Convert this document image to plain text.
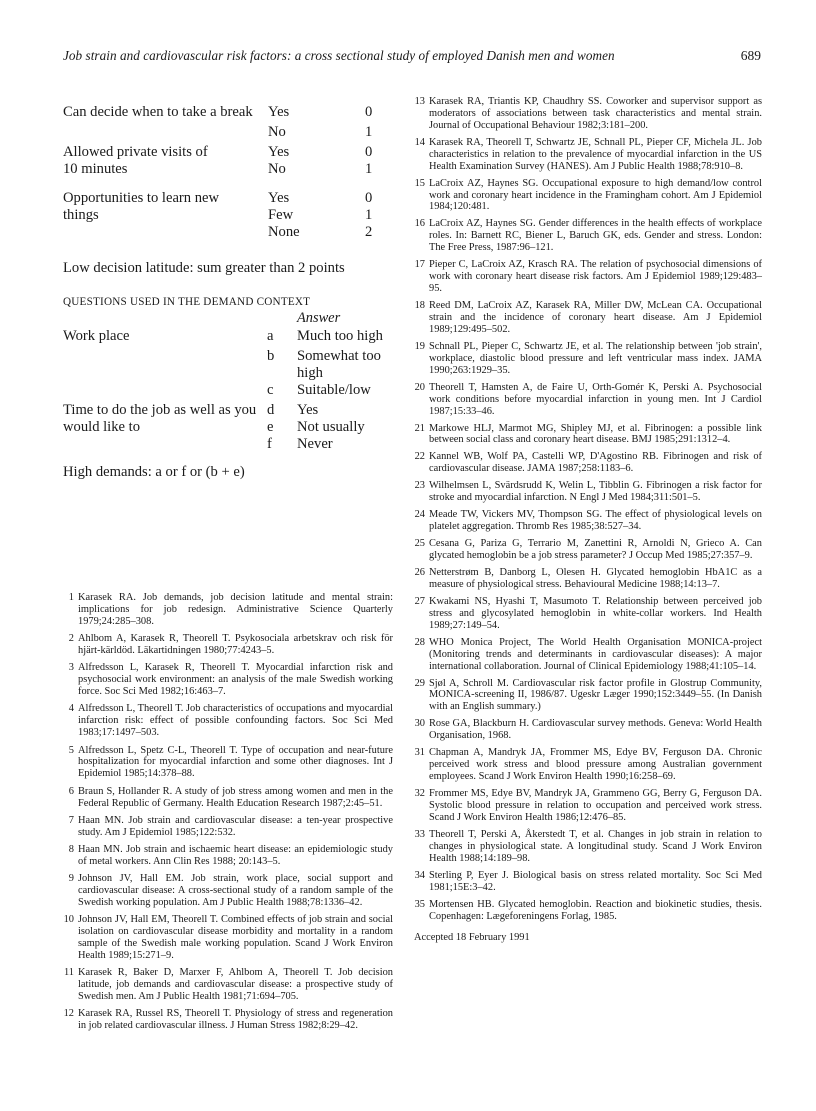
Job strain and cardiovascular risk factors: a cross sectional study of employed Danish men and women	689
Can decide when to take a break	Yes	0
No	1
Allowed private visits of 10 minutes
Yes	0
No	1
Opportunities to learn new things
Yes	0
Few	1
None	2
Low decision latitude: sum greater than 2 points
QUESTIONS USED IN THE DEMAND CONTEXT
Answer
Work place	a Much too high
b Somewhat too high
c Suitable/low
Time to do the job as well as you would like to
d Yes
e Not usually
f Never
High demands: a or f or (b + e)
1 Karasek RA. Job demands, job decision latitude and mental strain: implications for job redesign. Administrative Science Quarterly 1979;24:285–308.
2 Ahlbom A, Karasek R, Theorell T. Psykosociala arbetskrav och risk för hjärt-kärldöd. Läkartidningen 1980;77:4243–5.
3 Alfredsson L, Karasek R, Theorell T. Myocardial infarction risk and psychosocial work environment: an analysis of the male Swedish working force. Soc Sci Med 1982;16:463–7.
4 Alfredsson L, Theorell T. Job characteristics of occupations and myocardial infarction risk: effect of possible confounding factors. Soc Sci Med 1983;17:1497–503.
5 Alfredsson L, Spetz C-L, Theorell T. Type of occupation and near-future hospitalization for myocardial infarction and some other diagnoses. Int J Epidemiol 1985;14:378–88.
6 Braun S, Hollander R. A study of job stress among women and men in the Federal Republic of Germany. Health Education Research 1987;2:45–51.
7 Haan MN. Job strain and cardiovascular disease: a ten-year prospective study. Am J Epidemiol 1985;122:532.
8 Haan MN. Job strain and ischaemic heart disease: an epidemiologic study of metal workers. Ann Clin Res 1988; 20:143–5.
9 Johnson JV, Hall EM. Job strain, work place, social support and cardiovascular disease: A cross-sectional study of a random sample of the Swedish working population. Am J Public Health 1988;78:1336–42.
10 Johnson JV, Hall EM, Theorell T. Combined effects of job strain and social isolation on cardiovascular disease morbidity and mortality in a random sample of the Swedish male working population. Scand J Work Environ Health 1989;15:271–9.
11 Karasek R, Baker D, Marxer F, Ahlbom A, Theorell T. Job decision latitude, job demands and cardiovascular disease: a prospective study of Swedish men. Am J Public Health 1981;71:694–705.
12 Karasek RA, Russel RS, Theorell T. Physiology of stress and regeneration in job related cardiovascular illness. J Human Stress 1982;8:29–42.
13 Karasek RA, Triantis KP, Chaudhry SS. Coworker and supervisor support as moderators of associations between task characteristics and mental strain. Journal of Occupational Behaviour 1982;3:181–200.
14 Karasek RA, Theorell T, Schwartz JE, Schnall PL, Pieper CF, Michela JL. Job characteristics in relation to the prevalence of myocardial infarction in the US Health Examination Survey (HANES). Am J Public Health 1988;78:910–8.
15 LaCroix AZ, Haynes SG. Occupational exposure to high demand/low control work and coronary heart incidence in the Framingham cohort. Am J Epidemiol 1984;120:481.
16 LaCroix AZ, Haynes SG. Gender differences in the health effects of workplace roles. In: Barnett RC, Biener L, Baruch GK, eds. Gender and stress. London: The Free Press, 1987:96–121.
17 Pieper C, LaCroix AZ, Krasch RA. The relation of psychosocial dimensions of work with coronary heart disease risk factors. Am J Epidemiol 1989;129:483–95.
18 Reed DM, LaCroix AZ, Karasek RA, Miller DW, McLean CA. Occupational strain and the incidence of coronary heart disease. Am J Epidemiol 1989;129:495–502.
19 Schnall PL, Pieper C, Schwartz JE, et al. The relationship between 'job strain', workplace, diastolic blood pressure and left ventricular mass index. JAMA 1990;263:1929–35.
20 Theorell T, Hamsten A, de Faire U, Orth-Gomér K, Perski A. Psychosocial work conditions before myocardial infarction in young men. Int J Cardiol 1987;15:33–46.
21 Markowe HLJ, Marmot MG, Shipley MJ, et al. Fibrinogen: a possible link between social class and coronary heart disease. BMJ 1985;291:1312–4.
22 Kannel WB, Wolf PA, Castelli WP, D'Agostino RB. Fibrinogen and risk of cardiovascular disease. JAMA 1987;258:1183–6.
23 Wilhelmsen L, Svärdsrudd K, Welin L, Tibblin G. Fibrinogen a risk factor for stroke and myocardial infarction. N Engl J Med 1984;311:501–5.
24 Meade TW, Vickers MV, Thompson SG. The effect of physiological levels on platelet aggregation. Thromb Res 1985;38:527–34.
25 Cesana G, Pariza G, Terrario M, Zanettini R, Arnoldi N, Grieco A. Can glycated hemoglobin be a job stress parameter? J Occup Med 1985;27:357–9.
26 Netterstrøm B, Danborg L, Olesen H. Glycated hemoglobin HbA1C as a measure of physiological stress. Behavioural Medicine 1988;14:13–7.
27 Kwakami NS, Hyashi T, Masumoto T. Relationship between perceived job stress and glycosylated hemoglobin in white-collar workers. Ind Health 1989;27:149–54.
28 WHO Monica Project, The World Health Organisation MONICA-project (Monitoring trends and determinants in cardiovascular diseases): A major international collaboration. Journal of Clinical Epidemiology 1988;41:105–14.
29 Sjøl A, Schroll M. Cardiovascular risk factor profile in Glostrup Community, MONICA-screening II, 1986/87. Ugeskr Læger 1990;152:3449–55. (In Danish with an English summary.)
30 Rose GA, Blackburn H. Cardiovascular survey methods. Geneva: World Health Organisation, 1968.
31 Chapman A, Mandryk JA, Frommer MS, Edye BV, Ferguson DA. Chronic perceived work stress and blood pressure among Australian government employees. Scand J Work Environ Health 1990;16:258–69.
32 Frommer MS, Edye BV, Mandryk JA, Grammeno GG, Berry G, Ferguson DA. Systolic blood pressure in relation to occupation and perceived work stress. Scand J Work Environ Health 1986;12:476–85.
33 Theorell T, Perski A, Åkerstedt T, et al. Changes in job strain in relation to changes in physiological state. A longitudinal study. Scand J Work Environ Health 1988;14:189–98.
34 Sterling P, Eyer J. Biological basis on stress related mortality. Soc Sci Med 1981;15E:3–42.
35 Mortensen HB. Glycated hemoglobin. Reaction and biokinetic studies, thesis. Copenhagen: Lægeforeningens Forlag, 1985.
Accepted 18 February 1991
